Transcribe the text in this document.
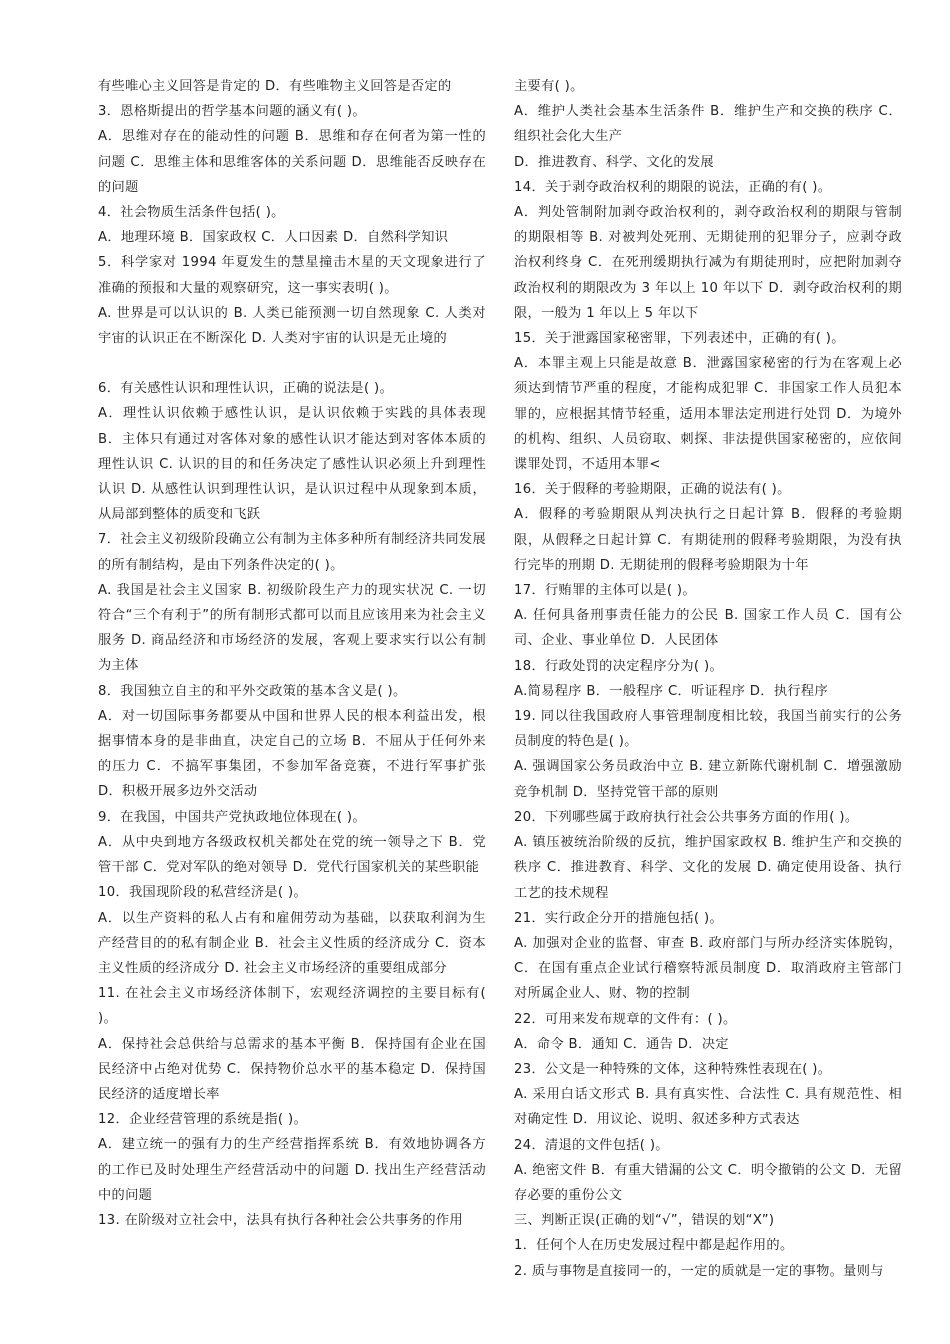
有些唯心主义回答是肯定的 D．有些唯物主义回答是否定的

3．恩格斯提出的哲学基本问题的涵义有( )。

A．思维对存在的能动性的问题 B．思维和存在何者为第一性的问题 C．思维主体和思维客体的关系问题 D．思维能否反映存在的问题

4．社会物质生活条件包括( )。

A．地理环境 B．国家政权 C．人口因素 D．自然科学知识

5．科学家对 1994 年夏发生的慧星撞击木星的天文现象进行了准确的预报和大量的观察研究，这一事实表明( )。

A. 世界是可以认识的 B. 人类已能预测一切自然现象 C. 人类对宇宙的认识正在不断深化 D. 人类对宇宙的认识是无止境的

6．有关感性认识和理性认识，正确的说法是( )。

A．理性认识依赖于感性认识，是认识依赖于实践的具体表现 B．主体只有通过对客体对象的感性认识才能达到对客体本质的理性认识 C. 认识的目的和任务决定了感性认识必须上升到理性认识 D. 从感性认识到理性认识，是认识过程中从现象到本质，从局部到整体的质变和飞跃

7．社会主义初级阶段确立公有制为主体多种所有制经济共同发展的所有制结构，是由下列条件决定的( )。

A. 我国是社会主义国家 B. 初级阶段生产力的现实状况 C. 一切符合“三个有利于”的所有制形式都可以而且应该用来为社会主义服务 D. 商品经济和市场经济的发展，客观上要求实行以公有制为主体

8．我国独立自主的和平外交政策的基本含义是( )。

A．对一切国际事务都要从中国和世界人民的根本利益出发，根据事情本身的是非曲直，决定自己的立场 B．不屈从于任何外来的压力 C．不搞军事集团，不参加军备竞赛，不进行军事扩张 D．积极开展多边外交活动

9．在我国，中国共产党执政地位体现在( )。

A．从中央到地方各级政权机关都处在党的统一领导之下 B．党管干部 C．党对军队的绝对领导 D．党代行国家机关的某些职能

10．我国现阶段的私营经济是( )。

A．以生产资料的私人占有和雇佣劳动为基础，以获取利润为生产经营目的的私有制企业 B．社会主义性质的经济成分 C．资本主义性质的经济成分 D. 社会主义市场经济的重要组成部分

11. 在社会主义市场经济体制下，宏观经济调控的主要目标有( )。

A．保持社会总供给与总需求的基本平衡 B．保持国有企业在国民经济中占绝对优势 C．保持物价总水平的基本稳定 D．保持国民经济的适度增长率

12．企业经营管理的系统是指( )。

A．建立统一的强有力的生产经营指挥系统 B．有效地协调各方的工作已及时处理生产经营活动中的问题 D. 找出生产经营活动中的问题

13. 在阶级对立社会中，法具有执行各种社会公共事务的作用

主要有( )。

A．维护人类社会基本生活条件 B．维护生产和交换的秩序 C．组织社会化大生产

D．推进教育、科学、文化的发展

14．关于剥夺政治权利的期限的说法，正确的有( )。

A．判处管制附加剥夺政治权利的，剥夺政治权利的期限与管制的期限相等 B. 对被判处死刑、无期徒刑的犯罪分子，应剥夺政治权利终身 C．在死刑缓期执行减为有期徒刑时，应把附加剥夺政治权利的期限改为 3 年以上 10 年以下 D．剥夺政治权利的期限，一般为 1 年以上 5 年以下

15．关于泄露国家秘密罪，下列表述中，正确的有( )。

A．本罪主观上只能是故意 B．泄露国家秘密的行为在客观上必须达到情节严重的程度，才能构成犯罪 C．非国家工作人员犯本罪的，应根据其情节轻重，适用本罪法定刑进行处罚 D．为境外的机构、组织、人员窃取、刺探、非法提供国家秘密的，应依间谍罪处罚，不适用本罪<

16．关于假释的考验期限，正确的说法有( )。

A．假释的考验期限从判决执行之日起计算 B．假释的考验期限，从假释之日起计算 C．有期徒刑的假释考验期限，为没有执行完毕的刑期 D. 无期徒刑的假释考验期限为十年

17．行贿罪的主体可以是( )。

A. 任何具备刑事责任能力的公民 B. 国家工作人员 C．国有公司、企业、事业单位 D．人民团体

18．行政处罚的决定程序分为( )。

A.简易程序 B．一般程序 C．听证程序 D．执行程序

19. 同以往我国政府人事管理制度相比较，我国当前实行的公务员制度的特色是( )。

A. 强调国家公务员政治中立 B. 建立新陈代谢机制 C．增强激励竞争机制 D．坚持党管干部的原则

20．下列哪些属于政府执行社会公共事务方面的作用( )。

A. 镇压被统治阶级的反抗，维护国家政权 B. 维护生产和交换的秩序 C．推进教育、科学、文化的发展 D. 确定使用设备、执行工艺的技术规程

21．实行政企分开的措施包括( )。

A. 加强对企业的监督、审查 B. 政府部门与所办经济实体脱钩，C．在国有重点企业试行稽察特派员制度 D．取消政府主管部门对所属企业人、财、物的控制

22．可用来发布规章的文件有：( )。

A．命令 B．通知 C．通告 D．决定

23．公文是一种特殊的文体，这种特殊性表现在( )。

A. 采用白话文形式 B. 具有真实性、合法性 C. 具有规范性、相对确定性 D．用议论、说明、叙述多种方式表达

24．清退的文件包括( )。

A. 绝密文件 B．有重大错漏的公文 C．明令撤销的公文 D．无留存必要的重份公文

三、判断正误(正确的划“√”，错误的划“X”)

1．任何个人在历史发展过程中都是起作用的。

2. 质与事物是直接同一的，一定的质就是一定的事物。量则与
